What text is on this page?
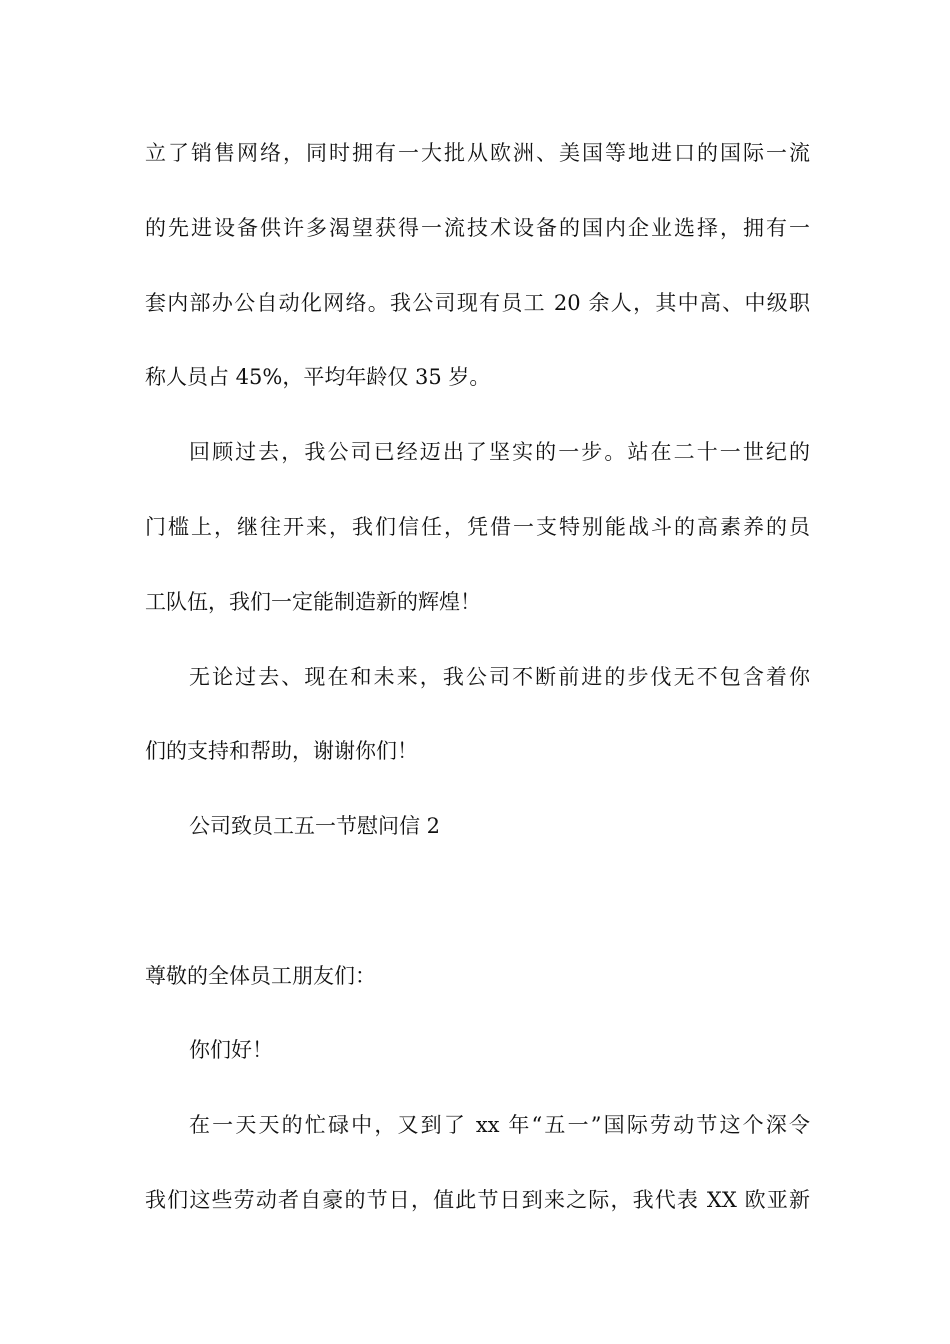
立了销售网络，同时拥有一大批从欧洲、美国等地进口的国际一流
的先进设备供许多渴望获得一流技术设备的国内企业选择，拥有一
套内部办公自动化网络。我公司现有员工 20 余人，其中高、中级职
称人员占 45%，平均年龄仅 35 岁。
回顾过去，我公司已经迈出了坚实的一步。站在二十一世纪的
门槛上，继往开来，我们信任，凭借一支特别能战斗的高素养的员
工队伍，我们一定能制造新的辉煌！
无论过去、现在和未来，我公司不断前进的步伐无不包含着你
们的支持和帮助，谢谢你们！
公司致员工五一节慰问信 2
尊敬的全体员工朋友们：
你们好！
在一天天的忙碌中，又到了 xx 年“五一”国际劳动节这个深令
我们这些劳动者自豪的节日，值此节日到来之际，我代表 XX 欧亚新
